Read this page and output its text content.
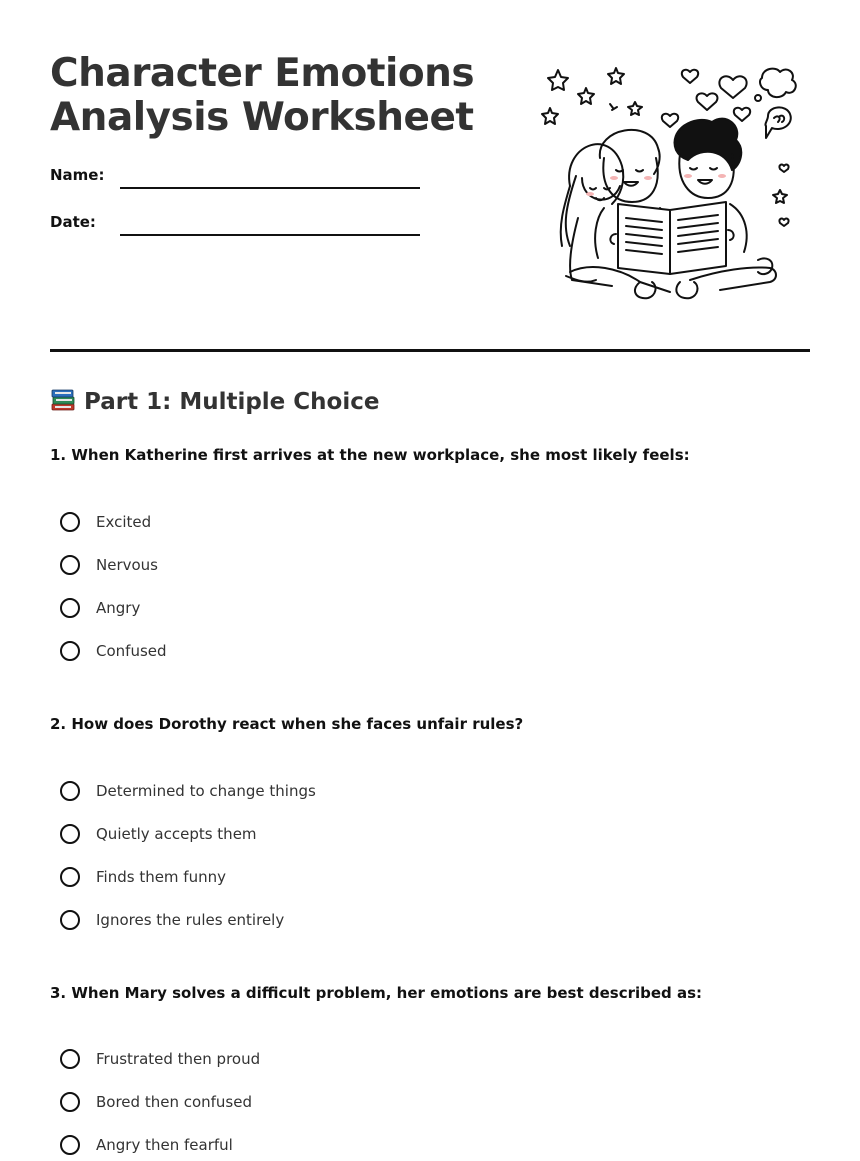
Character Emotions
Analysis Worksheet
Name:
Date:
Part 1: Multiple Choice
1. When Katherine first arrives at the new workplace, she most likely feels:
Excited
Nervous
Angry
Confused
2. How does Dorothy react when she faces unfair rules?
Determined to change things
Quietly accepts them
Finds them funny
Ignores the rules entirely
3. When Mary solves a difficult problem, her emotions are best described as:
Frustrated then proud
Bored then confused
Angry then fearful
